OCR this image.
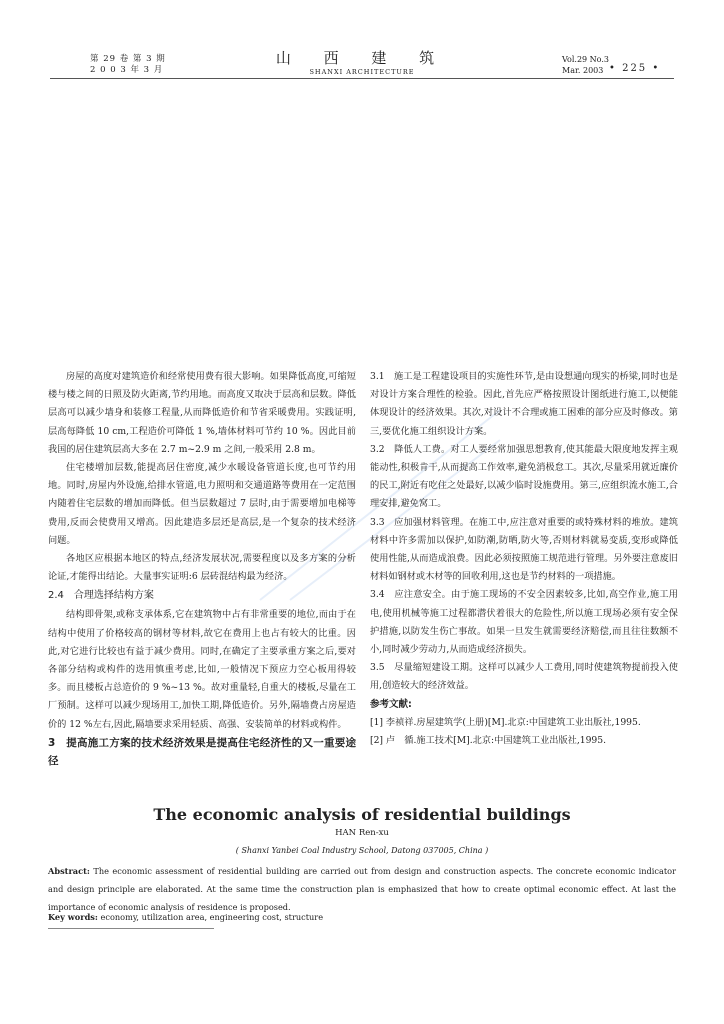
第 29 卷 第 3 期
2 0 0 3 年 3 月
山 西 建 筑
SHANXI ARCHITECTURE
Vol.29 No.3
Mar. 2003 • 225 •

房屋的高度对建筑造价和经常使用费有很大影响。如果降低高度,可缩短楼与楼之间的日照及防火距离,节约用地。而高度又取决于层高和层数。降低层高可以减少墙身和装修工程量,从而降低造价和节省采暖费用。实践证明,层高每降低 10 cm,工程造价可降低 1 %,墙体材料可节约 10 %。因此目前我国的居住建筑层高大多在 2.7 m~2.9 m 之间,一般采用 2.8 m。

住宅楼增加层数,能提高居住密度,减少水暖设备管道长度,也可节约用地。同时,房屋内外设施,给排水管道,电力照明和交通道路等费用在一定范围内随着住宅层数的增加而降低。但当层数超过 7 层时,由于需要增加电梯等费用,反而会使费用又增高。因此建造多层还是高层,是一个复杂的技术经济问题。

各地区应根据本地区的特点,经济发展状况,需要程度以及多方案的分析论证,才能得出结论。大量事实证明:6 层砖混结构最为经济。

2.4　合理选择结构方案

结构即骨架,或称支承体系,它在建筑物中占有非常重要的地位,而由于在结构中使用了价格较高的钢材等材料,故它在费用上也占有较大的比重。因此,对它进行比较也有益于减少费用。同时,在确定了主要承重方案之后,要对各部分结构或构件的选用慎重考虑,比如,一般情况下预应力空心板用得较多。而且楼板占总造价的 9 %~13 %。故对重量轻,自重大的楼板,尽量在工厂预制。这样可以减少现场用工,加快工期,降低造价。另外,隔墙费占房屋造价的 12 %左右,因此,隔墙要求采用轻质、高强、安装简单的材料或构件。

3　提高施工方案的技术经济效果是提高住宅经济性的又一重要途径

3.1　施工是工程建设项目的实施性环节,是由设想通向现实的桥梁,同时也是对设计方案合理性的检验。因此,首先应严格按照设计图纸进行施工,以便能体现设计的经济效果。其次,对设计不合理或施工困难的部分应及时修改。第三,要优化施工组织设计方案。

3.2　降低人工费。对工人要经常加强思想教育,使其能最大限度地发挥主观能动性,积极肯干,从而提高工作效率,避免消极怠工。其次,尽量采用就近廉价的民工,附近有吃住之处最好,以减少临时设施费用。第三,应组织流水施工,合理安排,避免窝工。

3.3　应加强材料管理。在施工中,应注意对重要的或特殊材料的堆放。建筑材料中许多需加以保护,如防潮,防晒,防火等,否则材料就易变质,变形或降低使用性能,从而造成浪费。因此必须按照施工规范进行管理。另外要注意废旧材料如钢材或木材等的回收利用,这也是节约材料的一项措施。

3.4　应注意安全。由于施工现场的不安全因素较多,比如,高空作业,施工用电,使用机械等施工过程都潜伏着很大的危险性,所以施工现场必须有安全保护措施,以防发生伤亡事故。如果一旦发生就需要经济赔偿,而且往往数额不小,同时减少劳动力,从而造成经济损失。

3.5　尽量缩短建设工期。这样可以减少人工费用,同时使建筑物提前投入使用,创造较大的经济效益。

参考文献:

[1] 李祯祥.房屋建筑学(上册)[M].北京:中国建筑工业出版社,1995.

[2] 卢　循.施工技术[M].北京:中国建筑工业出版社,1995.

The economic analysis of residential buildings
HAN Ren-xu
( Shanxi Yanbei Coal Industry School, Datong 037005, China )
Abstract: The economic assessment of residential building are carried out from design and construction aspects. The concrete economic indicator and design principle are elaborated. At the same time the construction plan is emphasized that how to create optimal economic effect. At last the importance of economic analysis of residence is proposed.
Key words: economy, utilization area, engineering cost, structure
